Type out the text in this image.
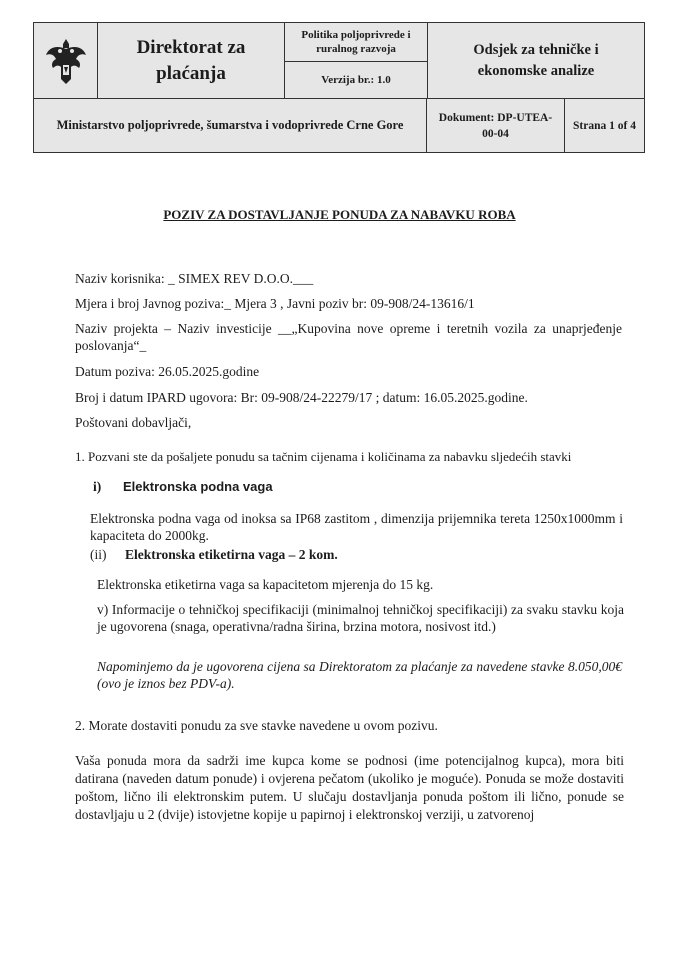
Direktorat za plaćanja
Politika poljoprivrede i ruralnog razvoja
Verzija br.: 1.0
Odsjek za tehničke i ekonomske analize
Ministarstvo poljoprivrede, šumarstva i vodoprivrede Crne Gore
Dokument: DP-UTEA-00-04
Strana 1 of 4
POZIV ZA DOSTAVLJANJE PONUDA ZA NABAVKU ROBA
Naziv korisnika: _ SIMEX REV D.O.O.___
Mjera i broj Javnog poziva:_ Mjera 3 , Javni poziv br: 09-908/24-13616/1
Naziv projekta – Naziv investicije __„Kupovina nove opreme i teretnih vozila za unaprjeđenje poslovanja“_
Datum poziva: 26.05.2025.godine
Broj i datum IPARD ugovora: Br: 09-908/24-22279/17 ; datum: 16.05.2025.godine.
Poštovani dobavljači,
1. Pozvani ste da pošaljete ponudu sa tačnim cijenama i količinama za nabavku sljedećih stavki
i) Elektronska podna vaga
Elektronska podna vaga od inoksa sa IP68 zastitom , dimenzija prijemnika tereta 1250x1000mm i kapaciteta do 2000kg.
(ii) Elektronska etiketirna vaga – 2 kom.
Elektronska etiketirna vaga sa kapacitetom mjerenja do 15 kg.
v) Informacije o tehničkoj specifikaciji (minimalnoj tehničkoj specifikaciji) za svaku stavku koja je ugovorena (snaga, operativna/radna širina, brzina motora, nosivost itd.)
Napominjemo da je ugovorena cijena sa Direktoratom za plaćanje za navedene stavke 8.050,00€ (ovo je iznos bez PDV-a).
2. Morate dostaviti ponudu za sve stavke navedene u ovom pozivu.
Vaša ponuda mora da sadrži ime kupca kome se podnosi (ime potencijalnog kupca), mora biti datirana (naveden datum ponude) i ovjerena pečatom (ukoliko je moguće). Ponuda se može dostaviti poštom, lično ili elektronskim putem. U slučaju dostavljanja ponuda poštom ili lično, ponude se dostavljaju u 2 (dvije) istovjetne kopije u papirnoj i elektronskoj verziji, u zatvorenoj
